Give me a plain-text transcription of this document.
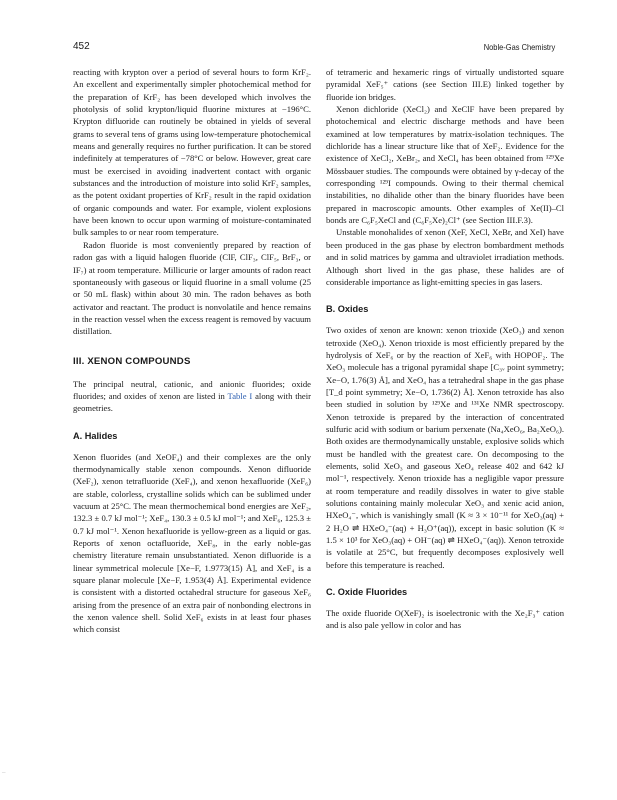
452	Noble-Gas Chemistry

reacting with krypton over a period of several hours to form KrF₂. An excellent and experimentally simpler photochemical method for the preparation of KrF₂ has been developed which involves the photolysis of solid krypton/liquid fluorine mixtures at −196°C. Krypton difluoride can routinely be obtained in yields of several grams to several tens of grams using low-temperature photochemical means and generally requires no further purification. It can be stored indefinitely at temperatures of −78°C or below. However, great care must be exercised in avoiding inadvertent contact with organic substances and the introduction of moisture into solid KrF₂ samples, as the potent oxidant properties of KrF₂ result in the rapid oxidation of organic compounds and water. For example, violent explosions have been known to occur upon warming of moisture-contaminated bulk samples to or near room temperature.

Radon fluoride is most conveniently prepared by reaction of radon gas with a liquid halogen fluoride (ClF, ClF₃, ClF₅, BrF₃, or IF₇) at room temperature. Millicurie or larger amounts of radon react spontaneously with gaseous or liquid fluorine in a small volume (25 or 50 mL flask) within about 30 min. The radon behaves as both activator and reactant. The product is nonvolatile and hence remains in the reaction vessel when the excess reagent is removed by vacuum distillation.

III. XENON COMPOUNDS

The principal neutral, cationic, and anionic fluorides; oxide fluorides; and oxides of xenon are listed in Table I along with their geometries.

A. Halides

Xenon fluorides (and XeOF₄) and their complexes are the only thermodynamically stable xenon compounds. Xenon difluoride (XeF₂), xenon tetrafluoride (XeF₄), and xenon hexafluoride (XeF₆) are stable, colorless, crystalline solids which can be sublimed under vacuum at 25°C. The mean thermochemical bond energies are XeF₂, 132.3 ± 0.7 kJ mol⁻¹; XeF₄, 130.3 ± 0.5 kJ mol⁻¹; and XeF₆, 125.3 ± 0.7 kJ mol⁻¹. Xenon hexafluoride is yellow-green as a liquid or gas. Reports of xenon octafluoride, XeF₈, in the early noble-gas chemistry literature remain unsubstantiated. Xenon difluoride is a linear symmetrical molecule [Xe−F, 1.9773(15) Å], and XeF₄ is a square planar molecule [Xe−F, 1.953(4) Å]. Experimental evidence is consistent with a distorted octahedral structure for gaseous XeF₆ arising from the presence of an extra pair of nonbonding electrons in the xenon valence shell. Solid XeF₆ exists in at least four phases which consist

of tetrameric and hexameric rings of virtually undistorted square pyramidal XeF₅⁺ cations (see Section III.E) linked together by fluoride ion bridges.

Xenon dichloride (XeCl₂) and XeClF have been prepared by photochemical and electric discharge methods and have been examined at low temperatures by matrix-isolation techniques. The dichloride has a linear structure like that of XeF₂. Evidence for the existence of XeCl₂, XeBr₂, and XeCl₄ has been obtained from ¹²⁹Xe Mössbauer studies. The compounds were obtained by γ-decay of the corresponding ¹²⁹I compounds. Owing to their thermal chemical instabilities, no dihalide other than the binary fluorides have been prepared in macroscopic amounts. Other examples of Xe(II)–Cl bonds are C₆F₅XeCl and (C₆F₅Xe)₂Cl⁺ (see Section III.F.3).

Unstable monohalides of xenon (XeF, XeCl, XeBr, and XeI) have been produced in the gas phase by electron bombardment methods and in solid matrices by gamma and ultraviolet irradiation methods. Although short lived in the gas phase, these halides are of considerable importance as light-emitting species in gas lasers.

B. Oxides

Two oxides of xenon are known: xenon trioxide (XeO₃) and xenon tetroxide (XeO₄). Xenon trioxide is most efficiently prepared by the hydrolysis of XeF₆ or by the reaction of XeF₆ with HOPOF₂. The XeO₃ molecule has a trigonal pyramidal shape [C₃ᵥ point symmetry; Xe−O, 1.76(3) Å], and XeO₄ has a tetrahedral shape in the gas phase [T_d point symmetry; Xe−O, 1.736(2) Å]. Xenon tetroxide has also been studied in solution by ¹²⁹Xe and ¹³¹Xe NMR spectroscopy. Xenon tetroxide is prepared by the interaction of concentrated sulfuric acid with sodium or barium perxenate (Na₄XeO₆, Ba₂XeO₆). Both oxides are thermodynamically unstable, explosive solids which must be handled with the greatest care. On decomposing to the elements, solid XeO₃ and gaseous XeO₄ release 402 and 642 kJ mol⁻¹, respectively. Xenon trioxide has a negligible vapor pressure at room temperature and readily dissolves in water to give stable solutions containing mainly molecular XeO₃ and xenic acid anion, HXeO₄⁻, which is vanishingly small (K ≈ 3 × 10⁻¹¹ for XeO₃(aq) + 2 H₂O ⇌ HXeO₄⁻(aq) + H₃O⁺(aq)), except in basic solution (K ≈ 1.5 × 10³ for XeO₃(aq) + OH⁻(aq) ⇌ HXeO₄⁻(aq)). Xenon tetroxide is volatile at 25°C, but frequently decomposes explosively well before this temperature is reached.

C. Oxide Fluorides

The oxide fluoride O(XeF)₂ is isoelectronic with the Xe₂F₃⁺ cation and is also pale yellow in color and has

–
